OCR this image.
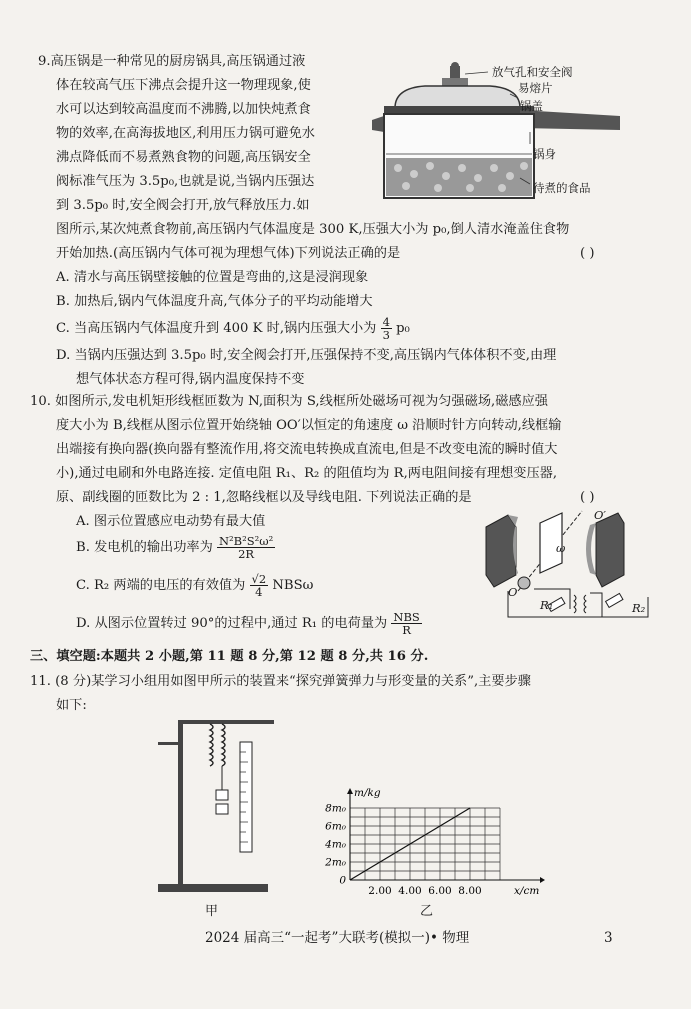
9.高压锅是一种常见的厨房锅具,高压锅通过液
体在较高气压下沸点会提升这一物理现象,使
水可以达到较高温度而不沸腾,以加快炖煮食
物的效率,在高海拔地区,利用压力锅可避免水
沸点降低而不易煮熟食物的问题,高压锅安全
阀标准气压为 3.5p₀,也就是说,当锅内压强达
到 3.5p₀ 时,安全阀会打开,放气释放压力.如
图所示,某次炖煮食物前,高压锅内气体温度是 300 K,压强大小为 p₀,倒人清水淹盖住食物
开始加热.(高压锅内气体可视为理想气体)下列说法正确的是	( )
A. 清水与高压锅壁接触的位置是弯曲的,这是浸润现象
B. 加热后,锅内气体温度升高,气体分子的平均动能增大
C. 当高压锅内气体温度升到 400 K 时,锅内压强大小为 $\frac{4}{3} p_0$
D. 当锅内压强达到 3.5p₀ 时,安全阀会打开,压强保持不变,高压锅内气体体积不变,由理
想气体状态方程可得,锅内温度保持不变
放气孔和安全阀
易熔片
锅盖
锅身
待煮的食品
10. 如图所示,发电机矩形线框匝数为 N,面积为 S,线框所处磁场可视为匀强磁场,磁感应强
度大小为 B,线框从图示位置开始绕轴 OO′以恒定的角速度 ω 沿顺时针方向转动,线框输
出端接有换向器(换向器有整流作用,将交流电转换成直流电,但是不改变电流的瞬时值大
小),通过电刷和外电路连接. 定值电阻 R₁、R₂ 的阻值均为 R,两电阻间接有理想变压器,
原、副线圈的匝数比为 2 : 1,忽略线框以及导线电阻. 下列说法正确的是	( )
A. 图示位置感应电动势有最大值
B. 发电机的输出功率为 $\frac{\text{N²B²S²ω²}}{2R}$
C. R₂ 两端的电压的有效值为 $\frac{√2}{4}$ NBSω
D. 从图示位置转过 90°的过程中,通过 R₁ 的电荷量为 $\frac{\text{NBS}}{R}$
O′
ω
O
R₁	R₂
三、填空题:本题共 2 小题,第 11 题 8 分,第 12 题 8 分,共 16 分.
11. (8 分)某学习小组用如图甲所示的装置来“探究弹簧弹力与形变量的关系”,主要步骤
如下:
甲
m/kg
x/cm
2.00 4.00 6.00 8.00
0
2m₀
4m₀
6m₀
8m₀
乙
2024 届高三“一起考”大联考(模拟一)• 物理	3
